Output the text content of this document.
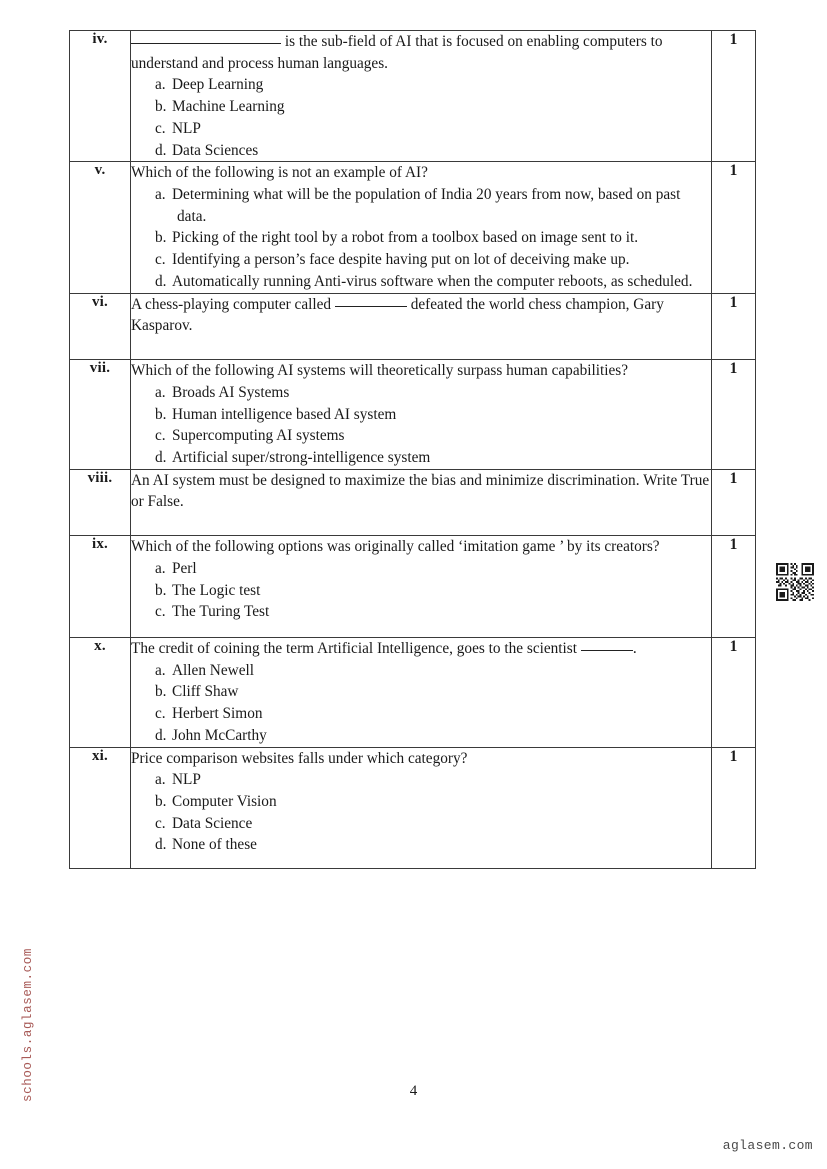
iv.	is the sub-field of AI that is focused on enabling computers to understand and process human languages.

a. Deep Learning
b. Machine Learning
c. NLP
d. Data Sciences
	1
v.	Which of the following is not an example of AI?

a. Determining what will be the population of India 20 years from now, based on past data.
b. Picking of the right tool by a robot from a toolbox based on image sent to it.
c. Identifying a person’s face despite having put on lot of deceiving make up.
d. Automatically running Anti-virus software when the computer reboots, as scheduled.
	1
vi.	A chess-playing computer called defeated the world chess champion, Gary Kasparov.	1
vii.	Which of the following AI systems will theoretically surpass human capabilities?

a. Broads AI Systems
b. Human intelligence based AI system
c. Supercomputing AI systems
d. Artificial super/strong-intelligence system
	1
viii.	An AI system must be designed to maximize the bias and minimize discrimination. Write True or False.	1
ix.	Which of the following options was originally called ‘imitation game ’ by its creators?

a. Perl
b. The Logic test
c. The Turing Test
	1
x.	The credit of coining the term Artificial Intelligence, goes to the scientist	.

a. Allen Newell
b. Cliff Shaw
c. Herbert Simon
d. John McCarthy
	1
xi.	Price comparison websites falls under which category?

a. NLP
b. Computer Vision
c. Data Science
d. None of these
	1
4
schools.aglasem.com
aglasem.com
